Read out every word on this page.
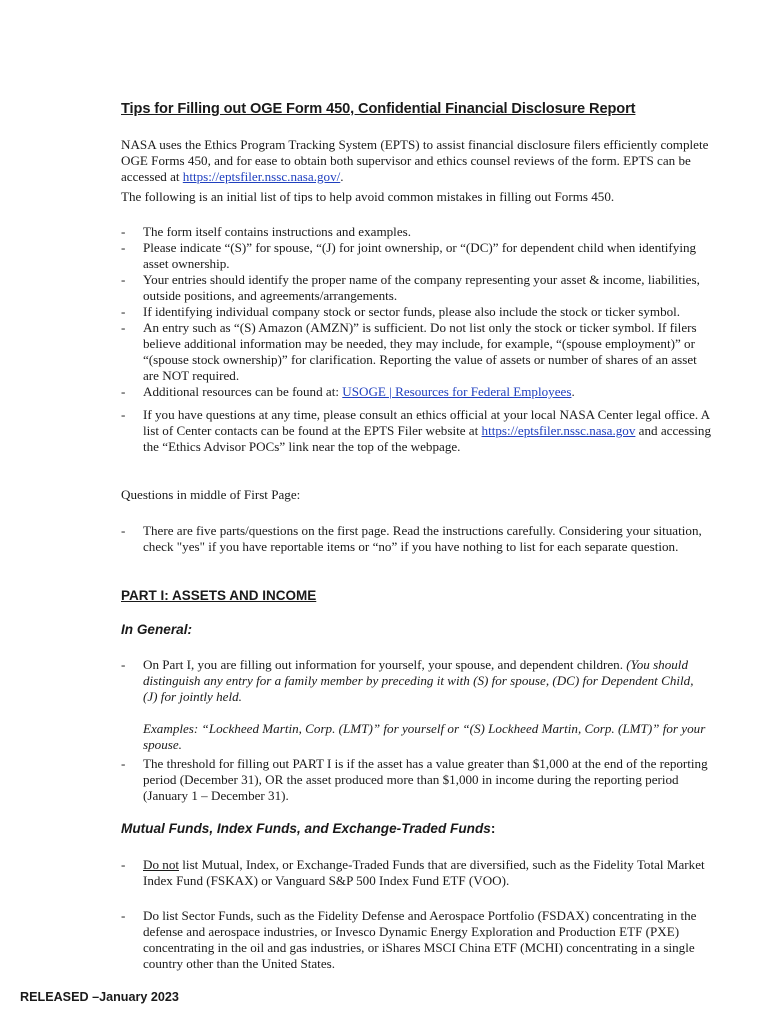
Tips for Filling out OGE Form 450, Confidential Financial Disclosure Report
NASA uses the Ethics Program Tracking System (EPTS) to assist financial disclosure filers efficiently complete OGE Forms 450, and for ease to obtain both supervisor and ethics counsel reviews of the form. EPTS can be accessed at https://eptsfiler.nssc.nasa.gov/.
The following is an initial list of tips to help avoid common mistakes in filling out Forms 450.
- The form itself contains instructions and examples.
- Please indicate “(S)” for spouse, “(J) for joint ownership, or “(DC)” for dependent child when identifying asset ownership.
- Your entries should identify the proper name of the company representing your asset & income, liabilities, outside positions, and agreements/arrangements.
- If identifying individual company stock or sector funds, please also include the stock or ticker symbol.
- An entry such as “(S) Amazon (AMZN)” is sufficient. Do not list only the stock or ticker symbol. If filers believe additional information may be needed, they may include, for example, “(spouse employment)” or “(spouse stock ownership)” for clarification. Reporting the value of assets or number of shares of an asset are NOT required.
- Additional resources can be found at: USOGE | Resources for Federal Employees.
- If you have questions at any time, please consult an ethics official at your local NASA Center legal office. A list of Center contacts can be found at the EPTS Filer website at https://eptsfiler.nssc.nasa.gov and accessing the “Ethics Advisor POCs” link near the top of the webpage.
Questions in middle of First Page:
- There are five parts/questions on the first page. Read the instructions carefully. Considering your situation, check "yes" if you have reportable items or “no” if you have nothing to list for each separate question.
PART I: ASSETS AND INCOME
In General:
- On Part I, you are filling out information for yourself, your spouse, and dependent children. (You should distinguish any entry for a family member by preceding it with (S) for spouse, (DC) for Dependent Child, (J) for jointly held.
Examples: “Lockheed Martin, Corp. (LMT)” for yourself or “(S) Lockheed Martin, Corp. (LMT)” for your spouse.
- The threshold for filling out PART I is if the asset has a value greater than $1,000 at the end of the reporting period (December 31), OR the asset produced more than $1,000 in income during the reporting period (January 1 – December 31).
Mutual Funds, Index Funds, and Exchange-Traded Funds:
- Do not list Mutual, Index, or Exchange-Traded Funds that are diversified, such as the Fidelity Total Market Index Fund (FSKAX) or Vanguard S&P 500 Index Fund ETF (VOO).
- Do list Sector Funds, such as the Fidelity Defense and Aerospace Portfolio (FSDAX) concentrating in the defense and aerospace industries, or Invesco Dynamic Energy Exploration and Production ETF (PXE) concentrating in the oil and gas industries, or iShares MSCI China ETF (MCHI) concentrating in a single country other than the United States.
RELEASED –January 2023
